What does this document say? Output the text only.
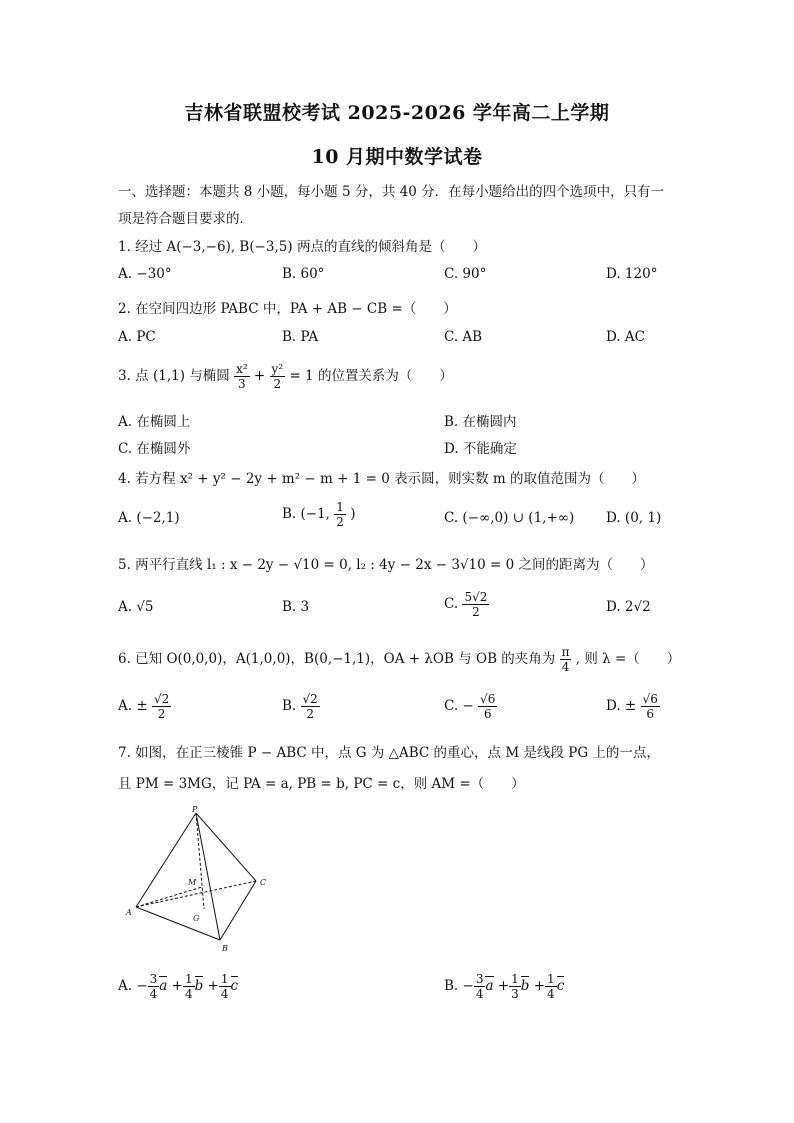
吉林省联盟校考试 2025-2026 学年高二上学期
10 月期中数学试卷
一、选择题：本题共 8 小题，每小题 5 分，共 40 分．在每小题给出的四个选项中，只有一
项是符合题目要求的．
1. 经过 A(−3,−6), B(−3,5) 两点的直线的倾斜角是（　　）
A. −30°	B. 60°	C. 90°	D. 120°
2. 在空间四边形 PABC 中，PA + AB − CB =（　　）
A. PC	B. PA	C. AB	D. AC
3. 点 (1,1) 与椭圆 $\frac{\text{x²}}{3} + \frac{\text{y²}}{2} = 1$ 的位置关系为（　　）
A. 在椭圆上	B. 在椭圆内
C. 在椭圆外	D. 不能确定
4. 若方程 x² + y² − 2y + m² − m + 1 = 0 表示圆，则实数 m 的取值范围为（　　）
A. (−2,1)	B. (−1, $\frac{1}{2}$ )	C. (−∞,0) ∪ (1,+∞) D. (0, 1)
5. 两平行直线 l₁ : x − 2y − √10 = 0, l₂ : 4y − 2x − 3√10 = 0 之间的距离为（　　）
A. √5	B. 3	C. $\frac{5√2}{2}$	D. 2√2
6. 已知 O(0,0,0)，A(1,0,0)，B(0,−1,1)，OA + λOB 与 OB 的夹角为 $\frac{\pi}{4}$ , 则 λ =（　　）
A. ± $\frac{√2}{2}$	B. $\frac{√2}{2}$	C. − $\frac{√6}{6}$	D. ± $\frac{√6}{6}$
7. 如图，在正三棱锥 P − ABC 中，点 G 为 △ABC 的重心，点 M 是线段 PG 上的一点，
且 PM = 3MG，记 PA = a, PB = b, PC = c，则 AM =（　　）
P
M	C
A
G
B
A. − $\frac{3}{4}$ $a + \frac{1}{4}$ $b + \frac{1}{4}$ c	B. − $\frac{3}{4}$ $a + \frac{1}{3}$ $b + \frac{1}{4}$ c
